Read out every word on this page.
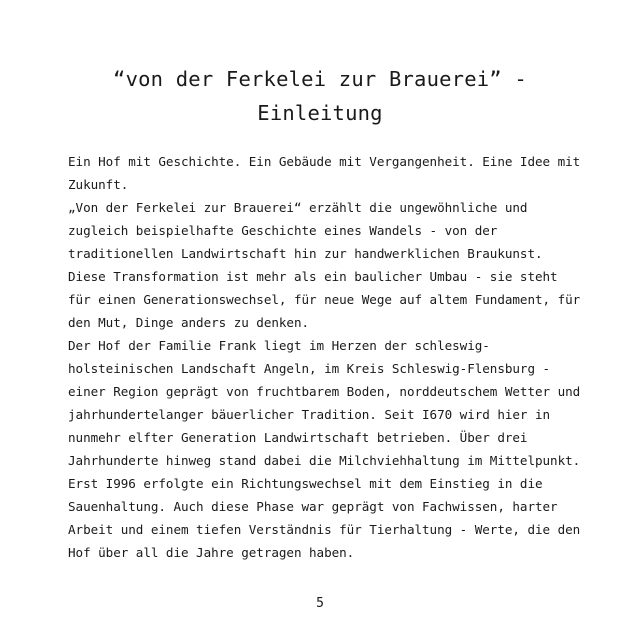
“von der Ferkelei zur Brauerei” -
Einleitung
Ein Hof mit Geschichte. Ein Gebäude mit Vergangenheit. Eine Idee mit
Zukunft.
„Von der Ferkelei zur Brauerei“ erzählt die ungewöhnliche und
zugleich beispielhafte Geschichte eines Wandels - von der
traditionellen Landwirtschaft hin zur handwerklichen Braukunst.
Diese Transformation ist mehr als ein baulicher Umbau - sie steht
für einen Generationswechsel, für neue Wege auf altem Fundament, für
den Mut, Dinge anders zu denken.
Der Hof der Familie Frank liegt im Herzen der schleswig-
holsteinischen Landschaft Angeln, im Kreis Schleswig-Flensburg -
einer Region geprägt von fruchtbarem Boden, norddeutschem Wetter und
jahrhundertelanger bäuerlicher Tradition. Seit I670 wird hier in
nunmehr elfter Generation Landwirtschaft betrieben. Über drei
Jahrhunderte hinweg stand dabei die Milchviehhaltung im Mittelpunkt.
Erst I996 erfolgte ein Richtungswechsel mit dem Einstieg in die
Sauenhaltung. Auch diese Phase war geprägt von Fachwissen, harter
Arbeit und einem tiefen Verständnis für Tierhaltung - Werte, die den
Hof über all die Jahre getragen haben.
5
